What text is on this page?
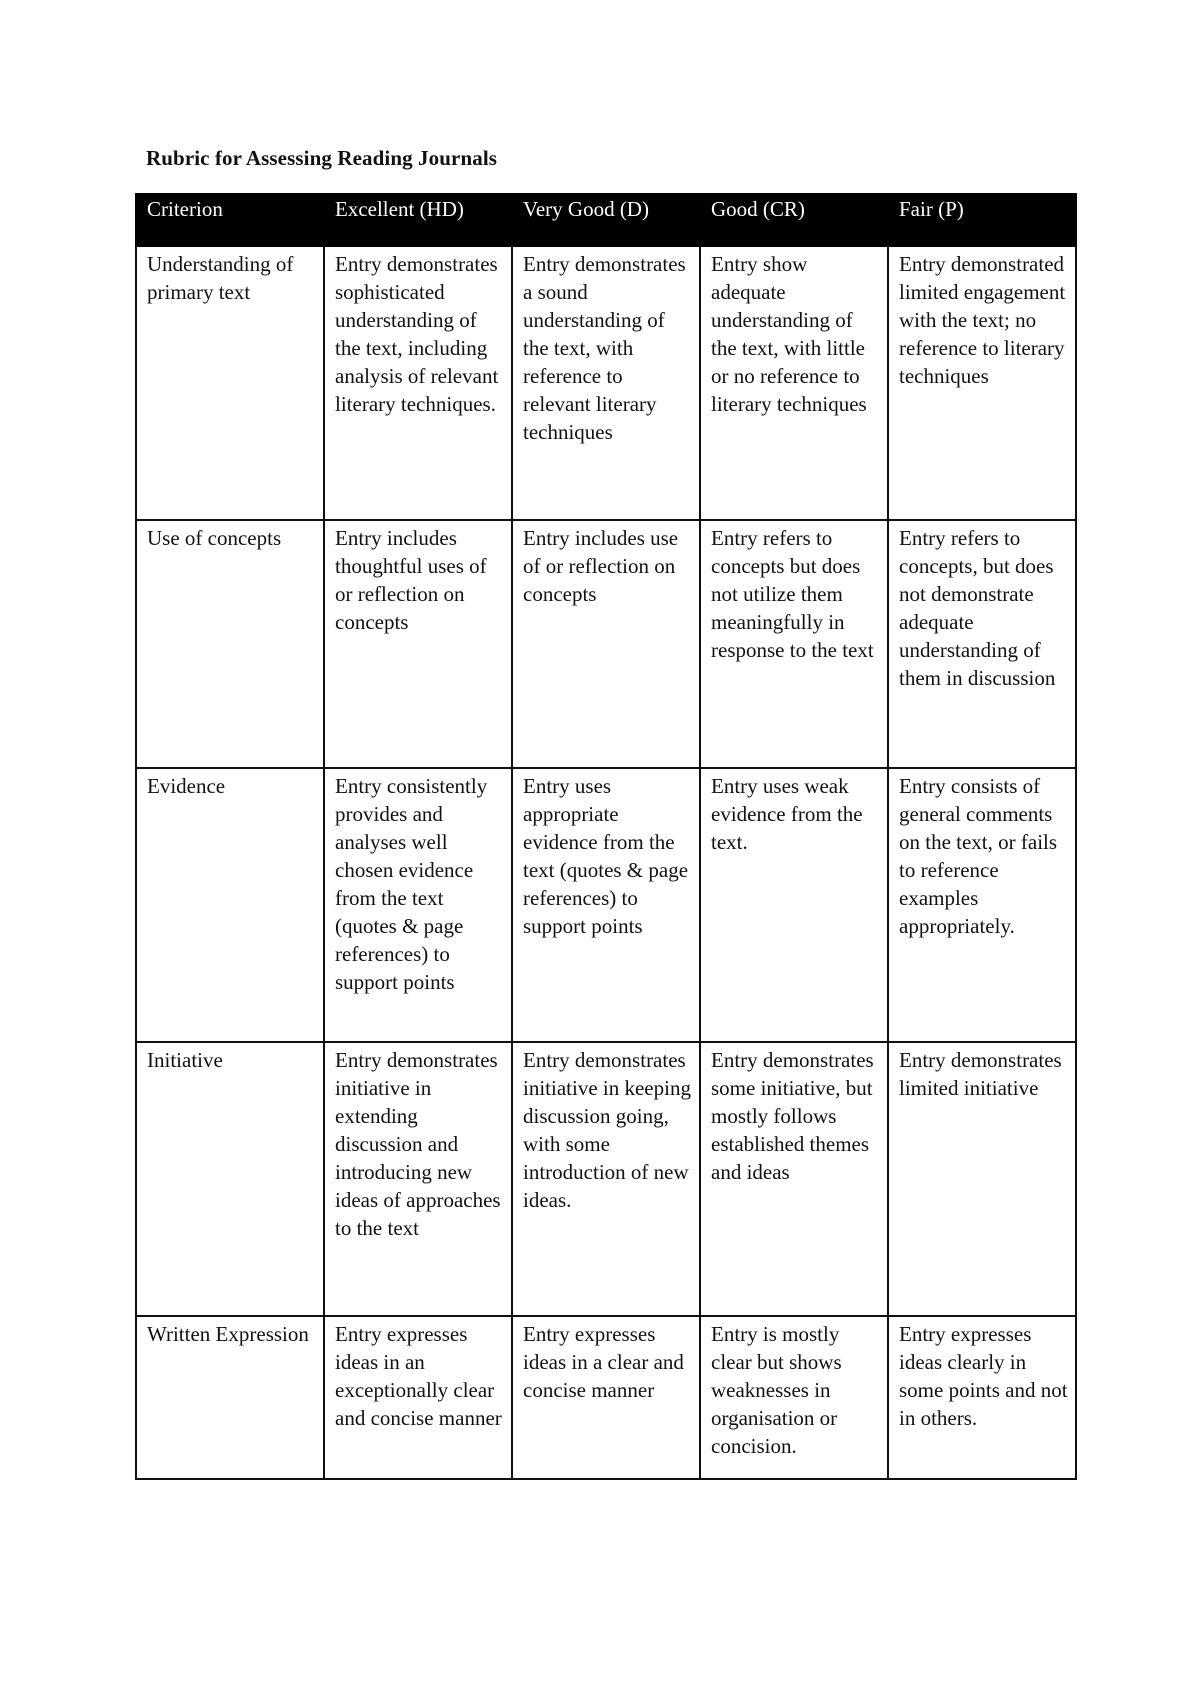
Rubric for Assessing Reading Journals
Criterion	Excellent (HD)	Very Good (D)	Good (CR)	Fair (P)
Understanding of primary text	Entry demonstrates sophisticated understanding of the text, including analysis of relevant literary techniques.	Entry demonstrates a sound understanding of the text, with reference to relevant literary techniques	Entry show adequate understanding of the text, with little or no reference to literary techniques	Entry demonstrated limited engagement with the text; no reference to literary techniques
Use of concepts	Entry includes thoughtful uses of or reflection on concepts	Entry includes use of or reflection on concepts	Entry refers to concepts but does not utilize them meaningfully in response to the text	Entry refers to concepts, but does not demonstrate adequate understanding of them in discussion
Evidence	Entry consistently provides and analyses well chosen evidence from the text (quotes & page references) to support points	Entry uses appropriate evidence from the text (quotes & page references) to support points	Entry uses weak evidence from the text.	Entry consists of general comments on the text, or fails to reference examples appropriately.
Initiative	Entry demonstrates initiative in extending discussion and introducing new ideas of approaches to the text	Entry demonstrates initiative in keeping discussion going, with some introduction of new ideas.	Entry demonstrates some initiative, but mostly follows established themes and ideas	Entry demonstrates limited initiative
Written Expression	Entry expresses ideas in an exceptionally clear and concise manner	Entry expresses ideas in a clear and concise manner	Entry is mostly clear but shows weaknesses in organisation or concision.	Entry expresses ideas clearly in some points and not in others.
